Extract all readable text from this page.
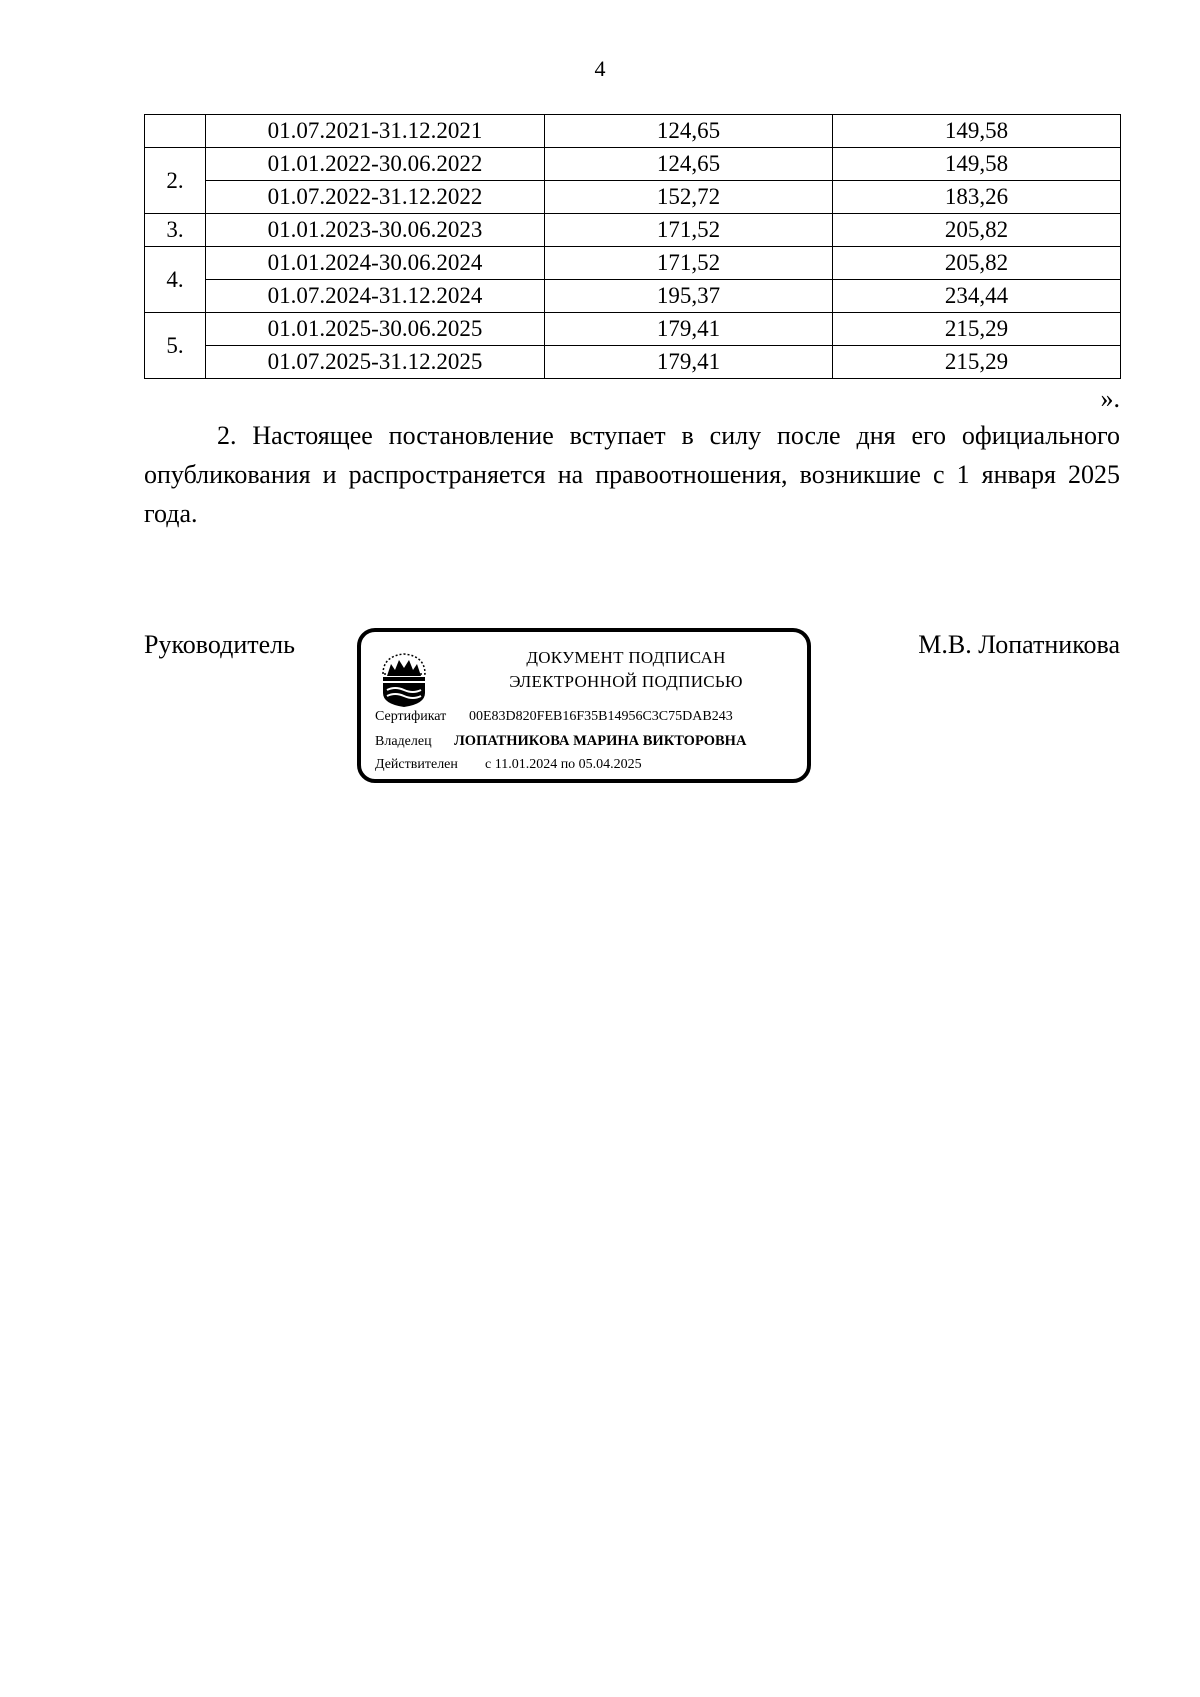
4
	01.07.2021-31.12.2021	124,65	149,58
2.	01.01.2022-30.06.2022	124,65	149,58
	01.07.2022-31.12.2022	152,72	183,26
3.	01.01.2023-30.06.2023	171,52	205,82
4.	01.01.2024-30.06.2024	171,52	205,82
	01.07.2024-31.12.2024	195,37	234,44
5.	01.01.2025-30.06.2025	179,41	215,29
	01.07.2025-31.12.2025	179,41	215,29
».

2. Настоящее постановление вступает в силу после дня его официального опубликования и распространяется на правоотношения, возникшие с 1 января 2025 года.

Руководитель	ДОКУМЕНТ ПОДПИСАН
ЭЛЕКТРОННОЙ ПОДПИСЬЮ
Сертификат 00E83D820FEB16F35B14956C3C75DAB243
Владелец ЛОПАТНИКОВА МАРИНА ВИКТОРОВНА
Действителен с 11.01.2024 по 05.04.2025
М.В. Лопатникова
